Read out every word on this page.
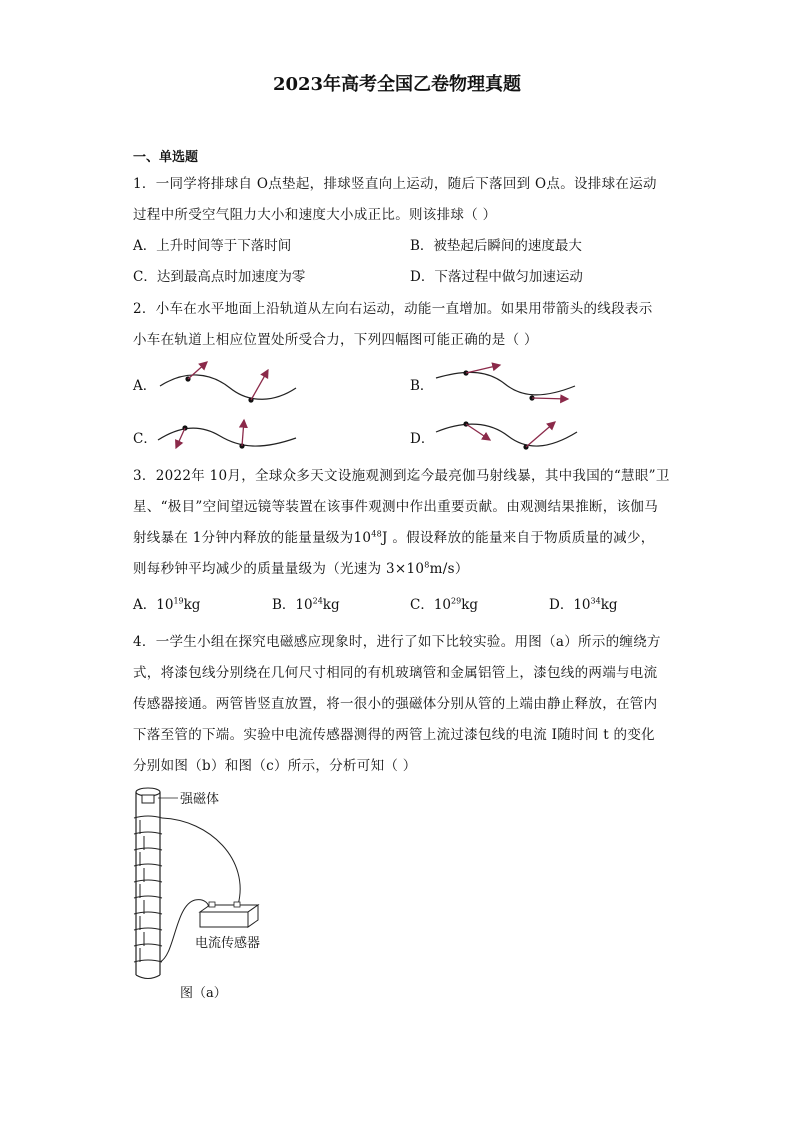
2023年高考全国乙卷物理真题
一、单选题
1．一同学将排球自 O点垫起，排球竖直向上运动，随后下落回到 O点。设排球在运动
过程中所受空气阻力大小和速度大小成正比。则该排球（ ）
A．上升时间等于下落时间	B．被垫起后瞬间的速度最大
C．达到最高点时加速度为零	D．下落过程中做匀加速运动
2．小车在水平地面上沿轨道从左向右运动，动能一直增加。如果用带箭头的线段表示
小车在轨道上相应位置处所受合力，下列四幅图可能正确的是（ ）
A．	B．
C．	D．
3．2022年 10月，全球众多天文设施观测到迄今最亮伽马射线暴，其中我国的“慧眼”卫
星、“极目”空间望远镜等装置在该事件观测中作出重要贡献。由观测结果推断，该伽马
射线暴在 1分钟内释放的能量量级为$10^{48}J$ 。假设释放的能量来自于物质质量的减少，
则每秒钟平均减少的质量量级为（光速为 $3\times 10^8m/s$）
A．$10^{19}kg$	B．$10^{24}kg$	C．$10^{29}kg$	D．$10^{34}kg$
4．一学生小组在探究电磁感应现象时，进行了如下比较实验。用图（a）所示的缠绕方
式，将漆包线分别绕在几何尺寸相同的有机玻璃管和金属铝管上，漆包线的两端与电流
传感器接通。两管皆竖直放置，将一很小的强磁体分别从管的上端由静止释放，在管内
下落至管的下端。实验中电流传感器测得的两管上流过漆包线的电流 I随时间 t 的变化
分别如图（b）和图（c）所示，分析可知（ ）
强磁体
电流传感器
图（a）
